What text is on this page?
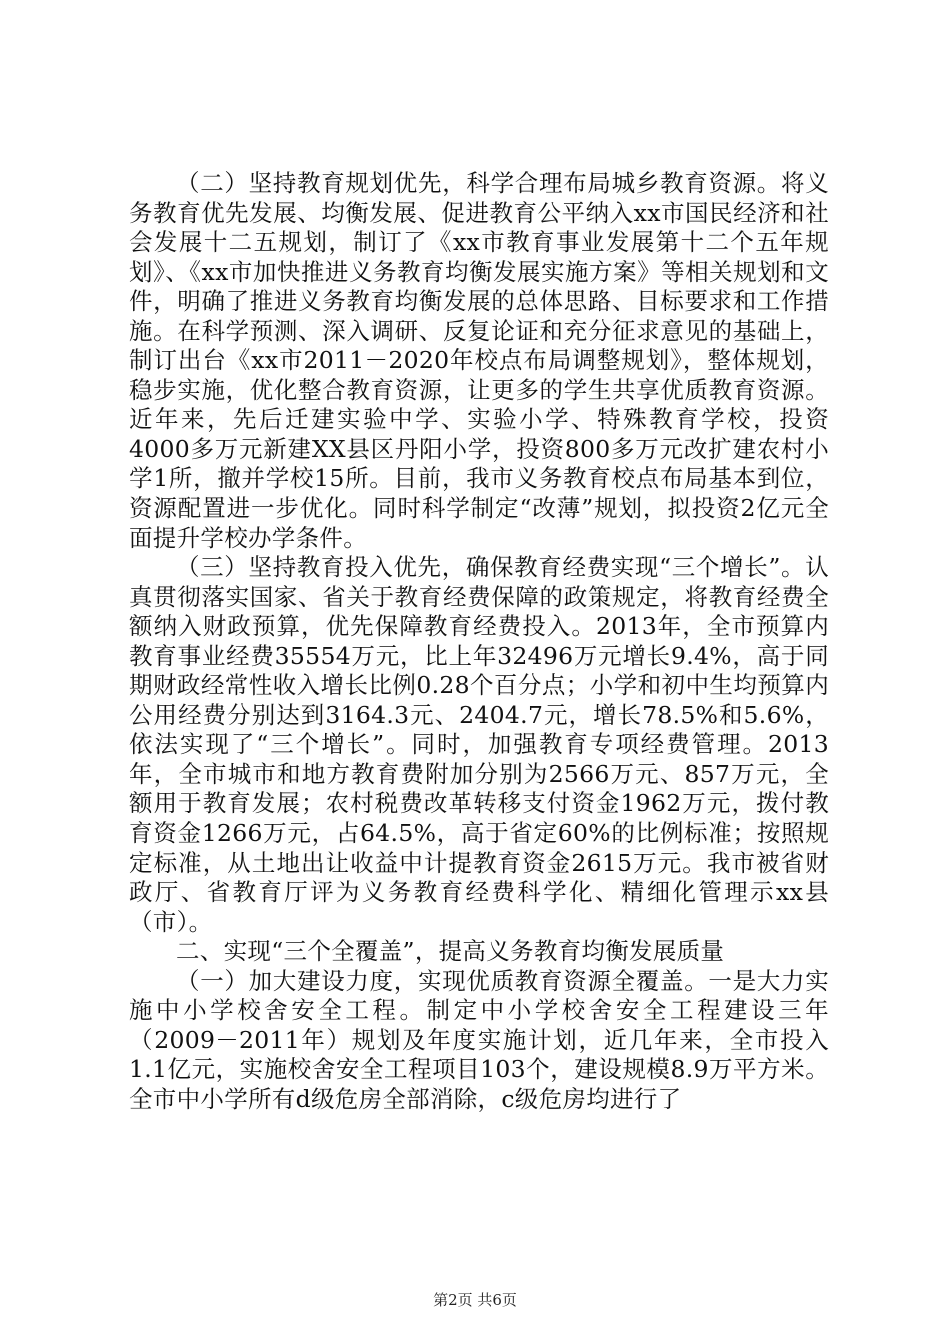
（二）坚持教育规划优先，科学合理布局城乡教育资源。将义务教育优先发展、均衡发展、促进教育公平纳入xx市国民经济和社会发展十二五规划，制订了《xx市教育事业发展第十二个五年规划》、《xx市加快推进义务教育均衡发展实施方案》等相关规划和文件，明确了推进义务教育均衡发展的总体思路、目标要求和工作措施。在科学预测、深入调研、反复论证和充分征求意见的基础上，制订出台《xx市2011－2020年校点布局调整规划》，整体规划，稳步实施，优化整合教育资源，让更多的学生共享优质教育资源。近年来，先后迁建实验中学、实验小学、特殊教育学校，投资4000多万元新建XX县区丹阳小学，投资800多万元改扩建农村小学1所，撤并学校15所。目前，我市义务教育校点布局基本到位，资源配置进一步优化。同时科学制定“改薄”规划，拟投资2亿元全面提升学校办学条件。

（三）坚持教育投入优先，确保教育经费实现“三个增长”。认真贯彻落实国家、省关于教育经费保障的政策规定，将教育经费全额纳入财政预算，优先保障教育经费投入。2013年，全市预算内教育事业经费35554万元，比上年32496万元增长9.4%，高于同期财政经常性收入增长比例0.28个百分点；小学和初中生均预算内公用经费分别达到3164.3元、2404.7元，增长78.5%和5.6%，依法实现了“三个增长”。同时，加强教育专项经费管理。2013年，全市城市和地方教育费附加分别为2566万元、857万元，全额用于教育发展；农村税费改革转移支付资金1962万元，拨付教育资金1266万元，占64.5%，高于省定60%的比例标准；按照规定标准，从土地出让收益中计提教育资金2615万元。我市被省财政厅、省教育厅评为义务教育经费科学化、精细化管理示xx县（市）。

二、实现“三个全覆盖”，提高义务教育均衡发展质量

（一）加大建设力度，实现优质教育资源全覆盖。一是大力实施中小学校舍安全工程。制定中小学校舍安全工程建设三年（2009－2011年）规划及年度实施计划，近几年来，全市投入1.1亿元，实施校舍安全工程项目103个，建设规模8.9万平方米。全市中小学所有d级危房全部消除，c级危房均进行了

第2页 共6页
